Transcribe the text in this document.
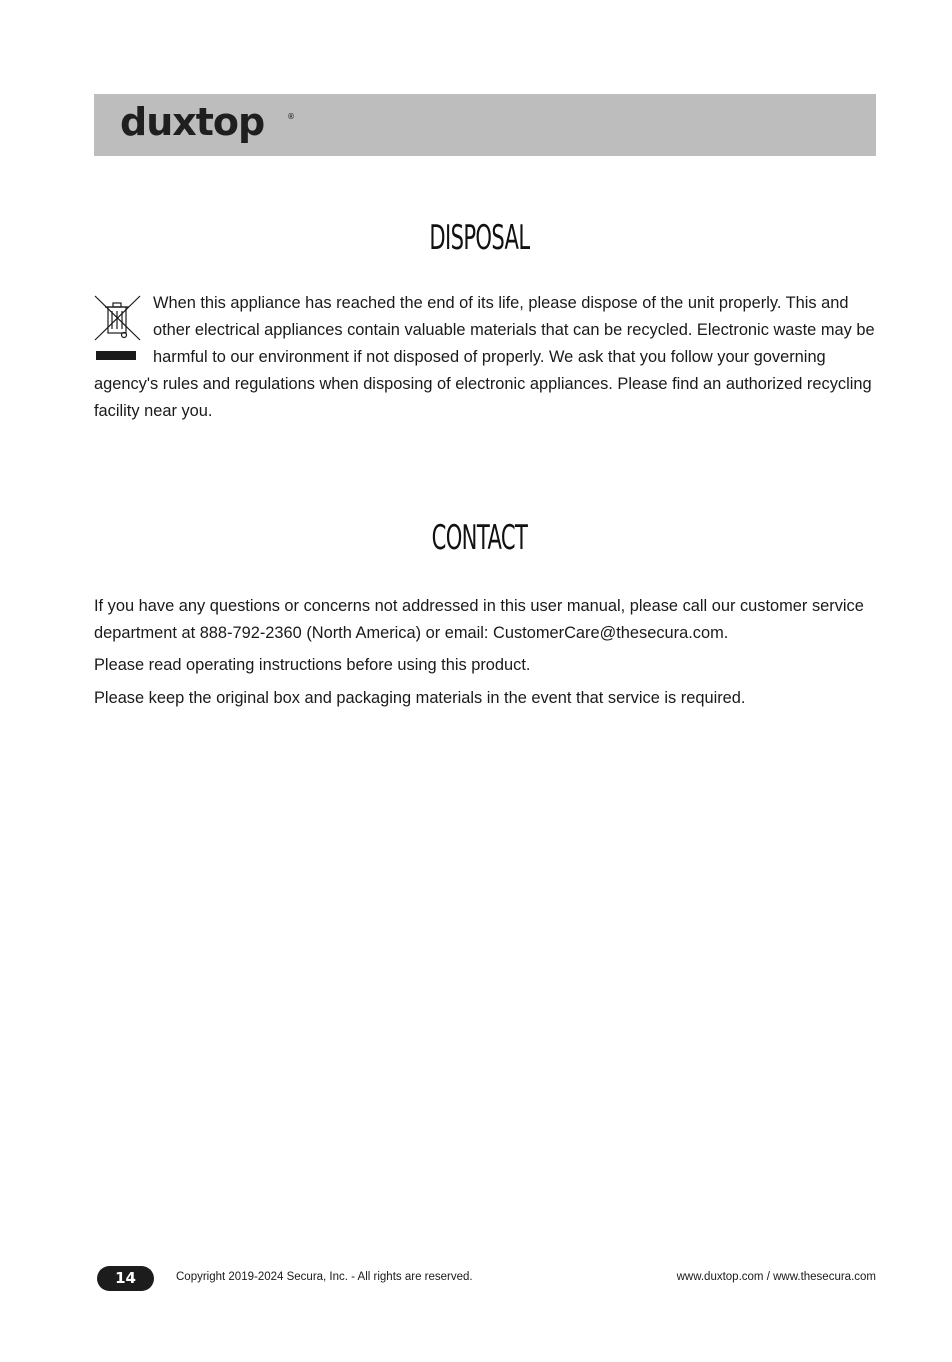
duxtop	®
DISPOSAL

When this appliance has reached the end of its life, please dispose of the unit properly. This and other electrical appliances contain valuable materials that can be recycled. Electronic waste may be harmful to our environment if not disposed of properly. We ask that you follow your governing agency's rules and regulations when disposing of electronic appliances. Please find an authorized recycling facility near you.

CONTACT

If you have any questions or concerns not addressed in this user manual, please call our customer service department at 888-792-2360 (North America) or email: CustomerCare@thesecura.com.

Please read operating instructions before using this product.

Please keep the original box and packaging materials in the event that service is required.

14	Copyright 2019-2024 Secura, Inc. - All rights are reserved.	www.duxtop.com / www.thesecura.com
